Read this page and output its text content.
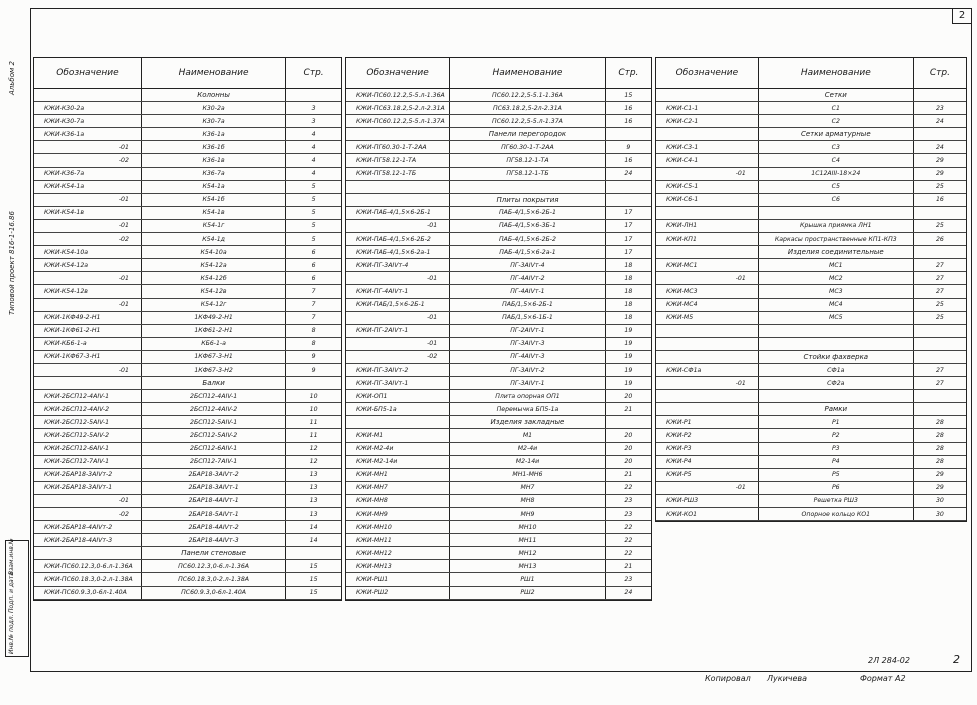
2
Альбом 2
Типовой проект 816-1-16.86
Инв.№ подл.
Подп. и дата
Взам.инв.№
Обозначение	Наименование	Стр.
	Колонны	
КЖИ-К30-2а	К30-2а	3
КЖИ-К30-7а	К30-7а	3
КЖИ-К36-1а	К36-1а	4
-01	К36-1б	4
-02	К36-1в	4
КЖИ-К36-7а	К36-7а	4
КЖИ-К54-1а	К54-1а	5
-01	К54-1б	5
КЖИ-К54-1в	К54-1в	5
-01	К54-1г	5
-02	К54-1д	5
КЖИ-К54-10а	К54-10а	6
КЖИ-К54-12а	К54-12а	6
-01	К54-12б	6
КЖИ-К54-12в	К54-12в	7
-01	К54-12г	7
КЖИ-1КФ49-2-Н1	1КФ49-2-Н1	7
КЖИ-1КФ61-2-Н1	1КФ61-2-Н1	8
КЖИ-КБ6-1-а	КБ6-1-а	8
КЖИ-1КФ67-3-Н1	1КФ67-3-Н1	9
-01	1КФ67-3-Н2	9
	Балки	
КЖИ-2БСП12-4АIV-1	2БСП12-4АIV-1	10
КЖИ-2БСП12-4АIV-2	2БСП12-4АIV-2	10
КЖИ-2БСП12-5АIV-1	2БСП12-5АIV-1	11
КЖИ-2БСП12-5АIV-2	2БСП12-5АIV-2	11
КЖИ-2БСП12-6АIV-1	2БСП12-6АIV-1	12
КЖИ-2БСП12-7АIV-1	2БСП12-7АIV-1	12
КЖИ-2БАР18-3АIVт-2	2БАР18-3АIVт-2	13
КЖИ-2БАР18-3АIVт-1	2БАР18-3АIVт-1	13
-01	2БАР18-4АIVт-1	13
-02	2БАР18-5АIVт-1	13
КЖИ-2БАР18-4АIVт-2	2БАР18-4АIVт-2	14
КЖИ-2БАР18-4АIVт-3	2БАР18-4АIVт-3	14
	Панели стеновые	
КЖИ-ПС60.12.3,0-6.л-1.36А	ПС60.12.3,0-6.л-1.36А	15
КЖИ-ПС60.18.3,0-2.л-1.38А	ПС60.18.3,0-2.л-1.38А	15
КЖИ-ПС60.9.3,0-6л-1.40А	ПС60.9.3,0-6л-1.40А	15
Обозначение	Наименование	Стр.
КЖИ-ПС60.12.2,5-5.л-1.36А	ПС60.12.2,5-5.1-1.36А	15
КЖИ-ПС63.18.2,5-2.л-2.31А	ПС63.18.2,5-2л-2.31А	16
КЖИ-ПС60.12.2,5-5.л-1.37А	ПС60.12.2,5-5.л-1.37А	16
	Панели перегородок	
КЖИ-ПГ60.30-1-Т-2АА	ПГ60.30-1-Т-2АА	9
КЖИ-ПГ58.12-1-ТА	ПГ58.12-1-ТА	16
КЖИ-ПГ58.12-1-ТБ	ПГ58.12-1-ТБ	24

	Плиты покрытия	
КЖИ-ПАБ-4/1,5×6-2Б-1	ПАБ-4/1,5×6-2Б-1	17
-01	ПАБ-4/1,5×6-3Б-1	17
КЖИ-ПАБ-4/1,5×6-2Б-2	ПАБ-4/1,5×6-2Б-2	17
КЖИ-ПАБ-4/1,5×6-2а-1	ПАБ-4/1,5×6-2а-1	17
КЖИ-ПГ-3АIVт-4	ПГ-3АIVт-4	18
-01	ПГ-4АIVт-2	18
КЖИ-ПГ-4АIVт-1	ПГ-4АIVт-1	18
КЖИ-ПАБ/1,5×6-2Б-1	ПАБ/1,5×6-2Б-1	18
-01	ПАБ/1,5×6-1Б-1	18
КЖИ-ПГ-2АIVт-1	ПГ-2АIVт-1	19
-01	ПГ-3АIVт-3	19
-02	ПГ-4АIVт-3	19
КЖИ-ПГ-3АIVт-2	ПГ-3АIVт-2	19
КЖИ-ПГ-3АIVт-1	ПГ-3АIVт-1	19
КЖИ-ОП1	Плита опорная ОП1	20
КЖИ-БП5-1а	Перемычка БП5-1а	21
	Изделия закладные	
КЖИ-М1	М1	20
КЖИ-М2-4и	М2-4и	20
КЖИ-М2-14и	М2-14и	20
КЖИ-МН1	МН1-МН6	21
КЖИ-МН7	МН7	22
КЖИ-МН8	МН8	23
КЖИ-МН9	МН9	23
КЖИ-МН10	МН10	22
КЖИ-МН11	МН11	22
КЖИ-МН12	МН12	22
КЖИ-МН13	МН13	21
КЖИ-РШ1	РШ1	23
КЖИ-РШ2	РШ2	24
Обозначение	Наименование	Стр.
	Сетки	
КЖИ-С1-1	С1	23
КЖИ-С2-1	С2	24
	Сетки арматурные	
КЖИ-С3-1	С3	24
КЖИ-С4-1	С4	29
-01	1С12АIII-18×24	29
КЖИ-С5-1	С5	25
КЖИ-С6-1	С6	16

КЖИ-ЛН1	Крышка приямка ЛН1	25
КЖИ-КП1	Каркасы пространственные КП1-КП3	26
	Изделия соединительные	
КЖИ-МС1	МС1	27
-01	МС2	27
КЖИ-МС3	МС3	27
КЖИ-МС4	МС4	25
КЖИ-М5	МС5	25

	Стойки фахверка	
КЖИ-СФ1а	СФ1а	27
-01	СФ2а	27

	Рамки	
КЖИ-Р1	Р1	28
КЖИ-Р2	Р2	28
КЖИ-Р3	Р3	28
КЖИ-Р4	Р4	28
КЖИ-Р5	Р5	29
-01	Р6	29
КЖИ-РШ3	Решетка РШ3	30
КЖИ-КО1	Опорное кольцо КО1	30
2Л 284-02	2
Копировал Лукичева	Формат А2
